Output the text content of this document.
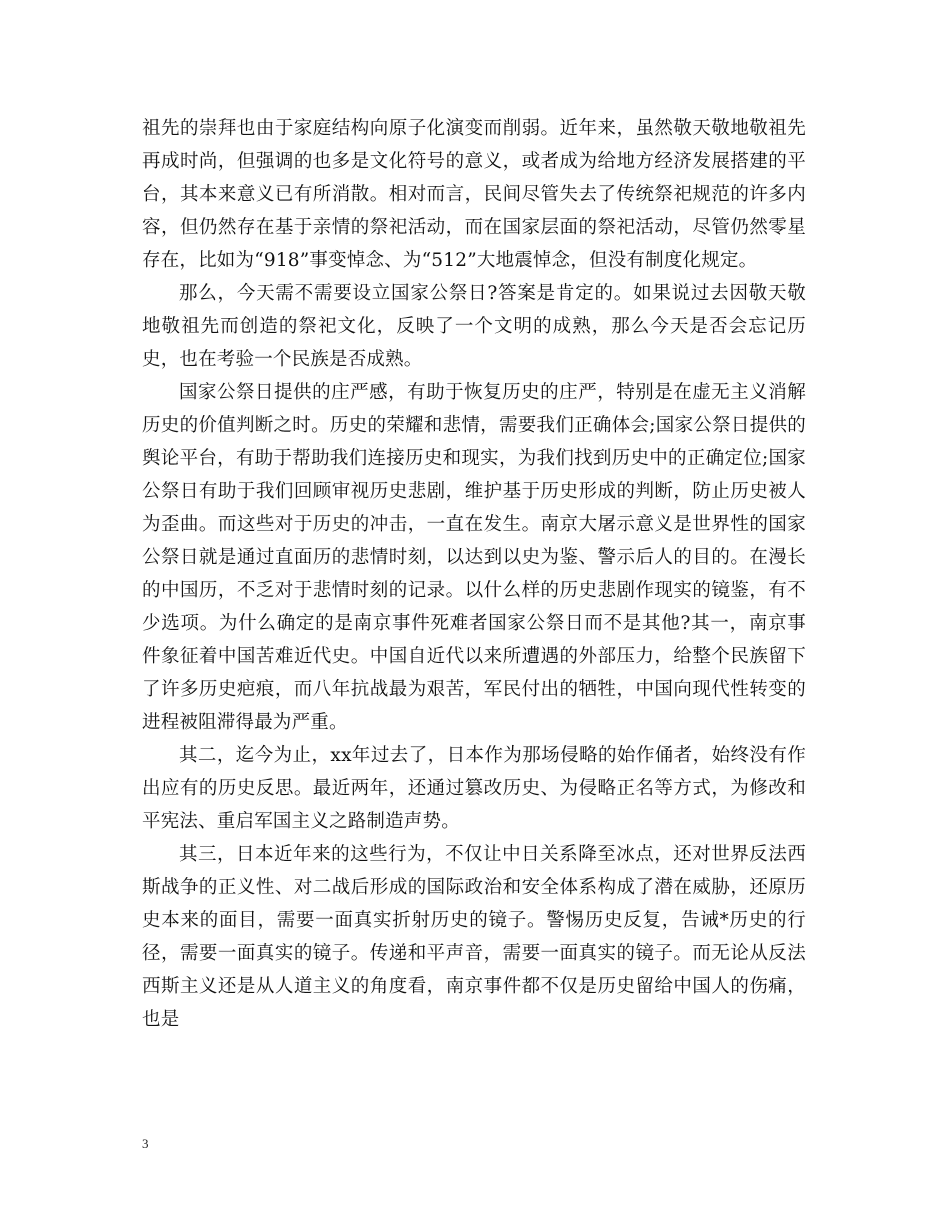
祖先的崇拜也由于家庭结构向原子化演变而削弱。近年来，虽然敬天敬地敬祖先再成时尚，但强调的也多是文化符号的意义，或者成为给地方经济发展搭建的平台，其本来意义已有所消散。相对而言，民间尽管失去了传统祭祀规范的许多内容，但仍然存在基于亲情的祭祀活动，而在国家层面的祭祀活动，尽管仍然零星存在，比如为“918”事变悼念、为“512”大地震悼念，但没有制度化规定。

那么，今天需不需要设立国家公祭日?答案是肯定的。如果说过去因敬天敬地敬祖先而创造的祭祀文化，反映了一个文明的成熟，那么今天是否会忘记历史，也在考验一个民族是否成熟。

国家公祭日提供的庄严感，有助于恢复历史的庄严，特别是在虚无主义消解历史的价值判断之时。历史的荣耀和悲情，需要我们正确体会;国家公祭日提供的舆论平台，有助于帮助我们连接历史和现实，为我们找到历史中的正确定位;国家公祭日有助于我们回顾审视历史悲剧，维护基于历史形成的判断，防止历史被人为歪曲。而这些对于历史的冲击，一直在发生。南京大屠示意义是世界性的国家公祭日就是通过直面历的悲情时刻，以达到以史为鉴、警示后人的目的。在漫长的中国历，不乏对于悲情时刻的记录。以什么样的历史悲剧作现实的镜鉴，有不少选项。为什么确定的是南京事件死难者国家公祭日而不是其他?其一，南京事件象征着中国苦难近代史。中国自近代以来所遭遇的外部压力，给整个民族留下了许多历史疤痕，而八年抗战最为艰苦，军民付出的牺牲，中国向现代性转变的进程被阻滞得最为严重。

其二，迄今为止，xx年过去了，日本作为那场侵略的始作俑者，始终没有作出应有的历史反思。最近两年，还通过篡改历史、为侵略正名等方式，为修改和平宪法、重启军国主义之路制造声势。

其三，日本近年来的这些行为，不仅让中日关系降至冰点，还对世界反法西斯战争的正义性、对二战后形成的国际政治和安全体系构成了潜在威胁，还原历史本来的面目，需要一面真实折射历史的镜子。警惕历史反复，告诫*历史的行径，需要一面真实的镜子。传递和平声音，需要一面真实的镜子。而无论从反法西斯主义还是从人道主义的角度看，南京事件都不仅是历史留给中国人的伤痛，也是

3
